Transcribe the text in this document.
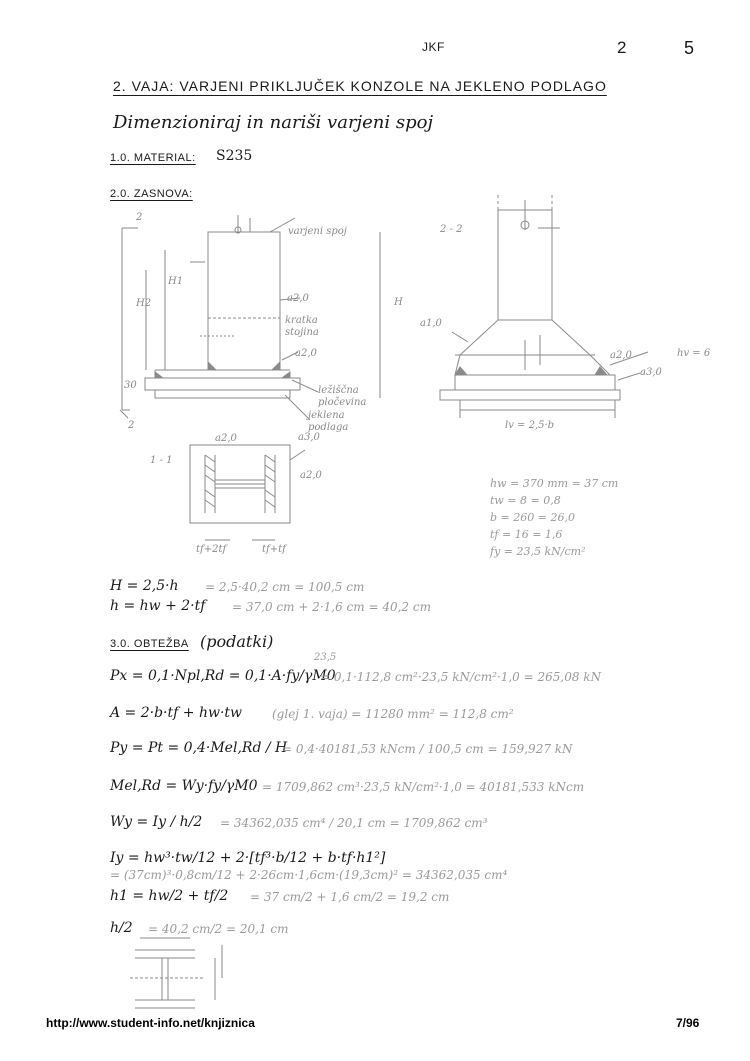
JKF	2	5
2. VAJA: VARJENI PRIKLJUČEK KONZOLE NA JEKLENO PODLAGO
Dimenzioniraj in nariši varjeni spoj
1.0. MATERIAL: S235
2.0. ZASNOVA:
2
2
varjeni spoj
H1
H2	H
a2,0
kratka stojina
a2,0
30	ležiščna pločevina
jeklena podlaga
a3,0
2 - 2
a1,0
a2,0	hv = 6
a3,0
lv = 2,5·b
1 - 1
a2,0
a2,0
tf+2tf	tf+tf
hw = 370 mm = 37 cm
tw = 8 = 0,8
b = 260 = 26,0
tf = 16 = 1,6
fy = 23,5 kN/cm²
H = 2,5·h = 2,5·40,2 cm = 100,5 cm
h = hw + 2·tf = 37,0 cm + 2·1,6 cm = 40,2 cm
3.0. OBTEŽBA (podatki)
Px = 0,1·Npl,Rd = 0,1·A·fy/γM0
23,5
= 0,1·112,8 cm²·23,5 kN/cm²·1,0 = 265,08 kN
A = 2·b·tf + hw·tw (glej 1. vaja) = 11280 mm² = 112,8 cm²
Py = Pt = 0,4·Mel,Rd / H
= 0,4·40181,53 kNcm / 100,5 cm = 159,927 kN
Mel,Rd = Wy·fy/γM0 = 1709,862 cm³·23,5 kN/cm²·1,0 = 40181,533 kNcm
Wy = Iy / h/2 = 34362,035 cm⁴ / 20,1 cm = 1709,862 cm³
Iy = hw³·tw/12 + 2·[tf³·b/12 + b·tf·h1²]
= (37cm)³·0,8cm/12 + 2·26cm·1,6cm·(19,3cm)² = 34362,035 cm⁴
h1 = hw/2 + tf/2 = 37 cm/2 + 1,6 cm/2 = 19,2 cm
h/2 = 40,2 cm/2 = 20,1 cm
http://www.student-info.net/knjiznica	7/96
